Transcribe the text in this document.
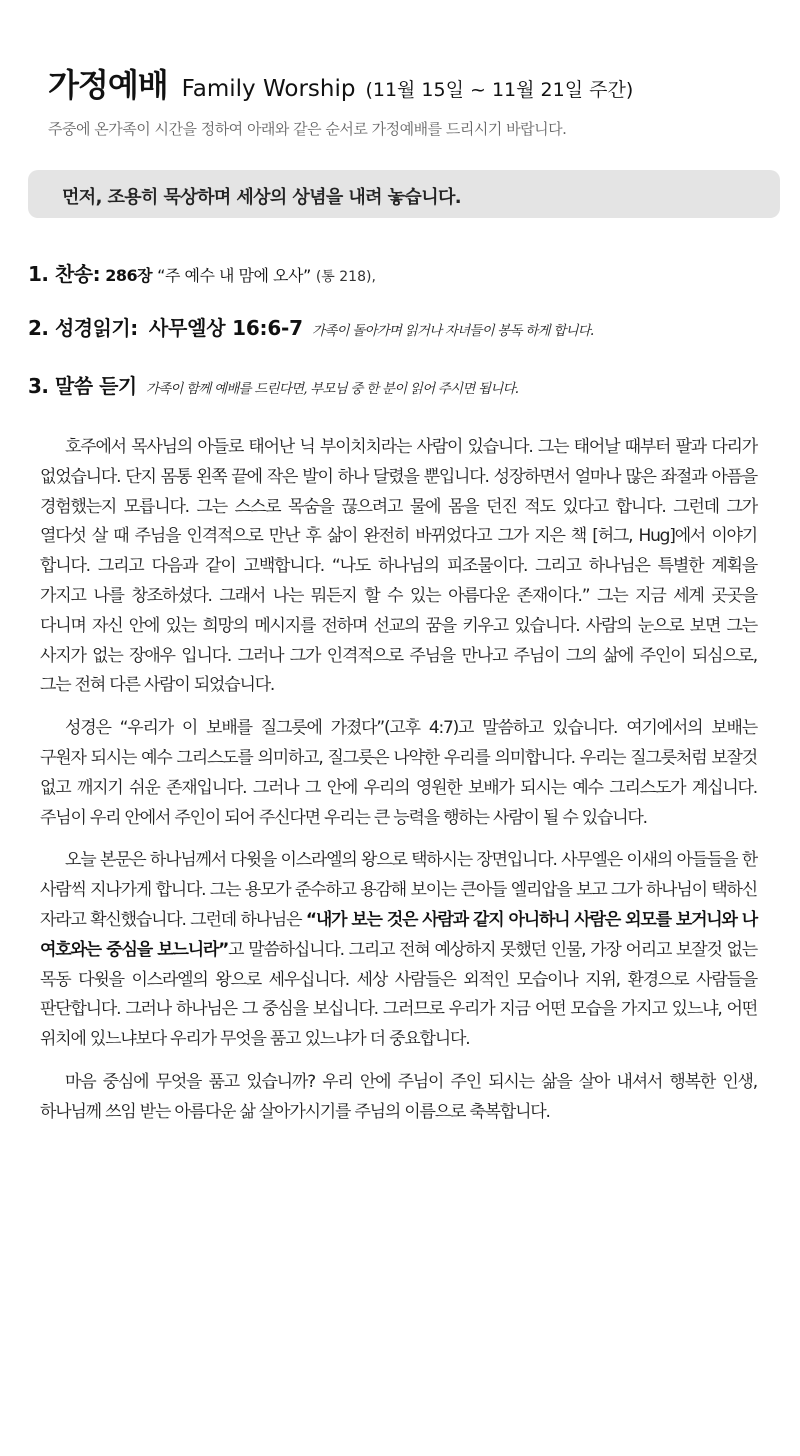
가정예배 Family Worship (11월 15일 ~ 11월 21일 주간)
주중에 온가족이 시간을 정하여 아래와 같은 순서로 가정예배를 드리시기 바랍니다.
먼저, 조용히 묵상하며 세상의 상념을 내려 놓습니다.
1. 찬송: 286장 “주 예수 내 맘에 오사” (통 218),
2. 성경읽기: 사무엘상 16:6-7 가족이 돌아가며 읽거나 자녀들이 봉독 하게 합니다.
3. 말씀 듣기 가족이 함께 예배를 드린다면, 부모님 중 한 분이 읽어 주시면 됩니다.

호주에서 목사님의 아들로 태어난 닉 부이치치라는 사람이 있습니다. 그는 태어날 때부터 팔과 다리가 없었습니다. 단지 몸통 왼쪽 끝에 작은 발이 하나 달렸을 뿐입니다. 성장하면서 얼마나 많은 좌절과 아픔을 경험했는지 모릅니다. 그는 스스로 목숨을 끊으려고 물에 몸을 던진 적도 있다고 합니다. 그런데 그가 열다섯 살 때 주님을 인격적으로 만난 후 삶이 완전히 바뀌었다고 그가 지은 책 [허그, Hug]에서 이야기 합니다. 그리고 다음과 같이 고백합니다. “나도 하나님의 피조물이다. 그리고 하나님은 특별한 계획을 가지고 나를 창조하셨다. 그래서 나는 뭐든지 할 수 있는 아름다운 존재이다.” 그는 지금 세계 곳곳을 다니며 자신 안에 있는 희망의 메시지를 전하며 선교의 꿈을 키우고 있습니다. 사람의 눈으로 보면 그는 사지가 없는 장애우 입니다. 그러나 그가 인격적으로 주님을 만나고 주님이 그의 삶에 주인이 되심으로, 그는 전혀 다른 사람이 되었습니다.

성경은 “우리가 이 보배를 질그릇에 가졌다”(고후 4:7)고 말씀하고 있습니다. 여기에서의 보배는 구원자 되시는 예수 그리스도를 의미하고, 질그릇은 나약한 우리를 의미합니다. 우리는 질그릇처럼 보잘것 없고 깨지기 쉬운 존재입니다. 그러나 그 안에 우리의 영원한 보배가 되시는 예수 그리스도가 계십니다. 주님이 우리 안에서 주인이 되어 주신다면 우리는 큰 능력을 행하는 사람이 될 수 있습니다.

오늘 본문은 하나님께서 다윗을 이스라엘의 왕으로 택하시는 장면입니다. 사무엘은 이새의 아들들을 한 사람씩 지나가게 합니다. 그는 용모가 준수하고 용감해 보이는 큰아들 엘리압을 보고 그가 하나님이 택하신 자라고 확신했습니다. 그런데 하나님은 “내가 보는 것은 사람과 같지 아니하니 사람은 외모를 보거니와 나 여호와는 중심을 보느니라”고 말씀하십니다. 그리고 전혀 예상하지 못했던 인물, 가장 어리고 보잘것 없는 목동 다윗을 이스라엘의 왕으로 세우십니다. 세상 사람들은 외적인 모습이나 지위, 환경으로 사람들을 판단합니다. 그러나 하나님은 그 중심을 보십니다. 그러므로 우리가 지금 어떤 모습을 가지고 있느냐, 어떤 위치에 있느냐보다 우리가 무엇을 품고 있느냐가 더 중요합니다.

마음 중심에 무엇을 품고 있습니까? 우리 안에 주님이 주인 되시는 삶을 살아 내셔서 행복한 인생, 하나님께 쓰임 받는 아름다운 삶 살아가시기를 주님의 이름으로 축복합니다.
